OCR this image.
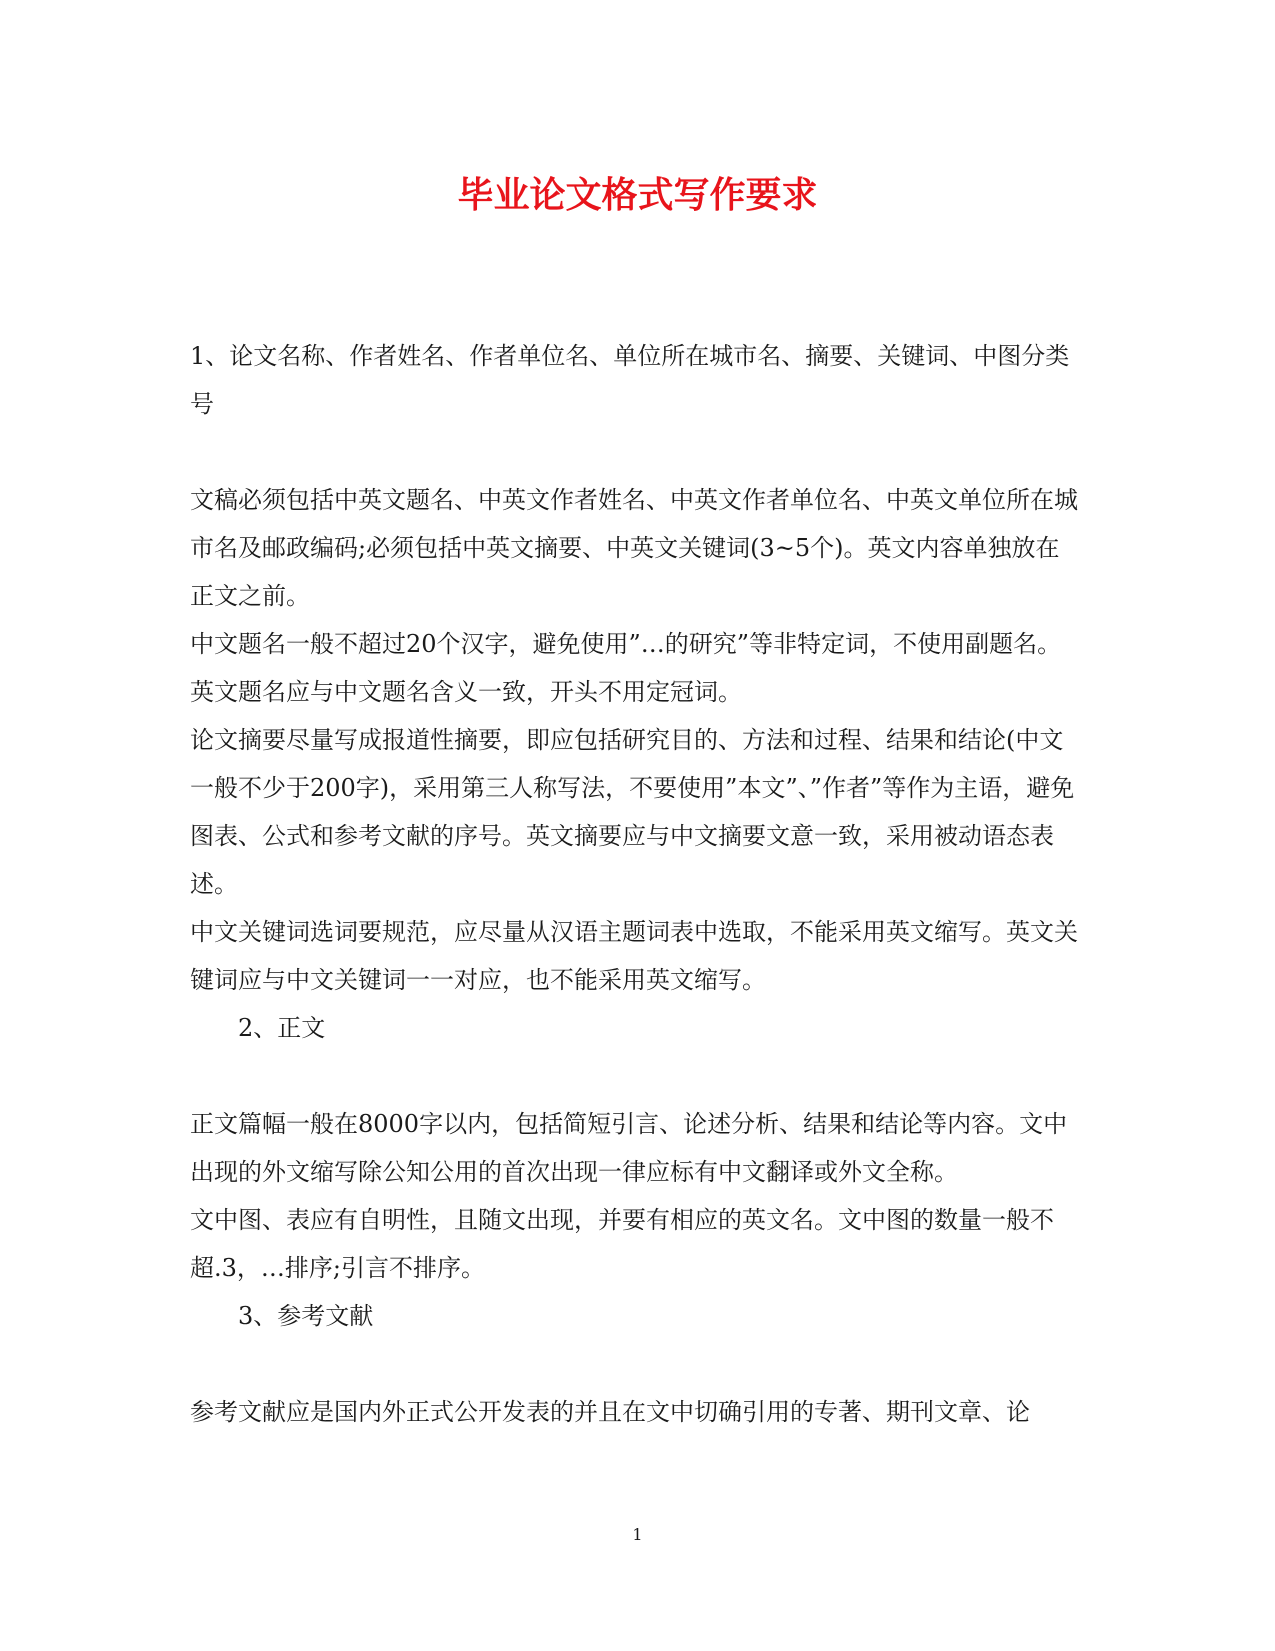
毕业论文格式写作要求

1、论文名称、作者姓名、作者单位名、单位所在城市名、摘要、关键词、中图分类号

文稿必须包括中英文题名、中英文作者姓名、中英文作者单位名、中英文单位所在城市名及邮政编码;必须包括中英文摘要、中英文关键词(3~5个)。英文内容单独放在正文之前。

中文题名一般不超过20个汉字，避免使用”…的研究”等非特定词，不使用副题名。英文题名应与中文题名含义一致，开头不用定冠词。

论文摘要尽量写成报道性摘要，即应包括研究目的、方法和过程、结果和结论(中文一般不少于200字)，采用第三人称写法，不要使用”本文”、”作者”等作为主语，避免图表、公式和参考文献的序号。英文摘要应与中文摘要文意一致，采用被动语态表述。

中文关键词选词要规范，应尽量从汉语主题词表中选取，不能采用英文缩写。英文关键词应与中文关键词一一对应，也不能采用英文缩写。

2、正文

正文篇幅一般在8000字以内，包括简短引言、论述分析、结果和结论等内容。文中出现的外文缩写除公知公用的首次出现一律应标有中文翻译或外文全称。

文中图、表应有自明性，且随文出现，并要有相应的英文名。文中图的数量一般不超.3，…排序;引言不排序。

3、参考文献

参考文献应是国内外正式公开发表的并且在文中切确引用的专著、期刊文章、论

1
